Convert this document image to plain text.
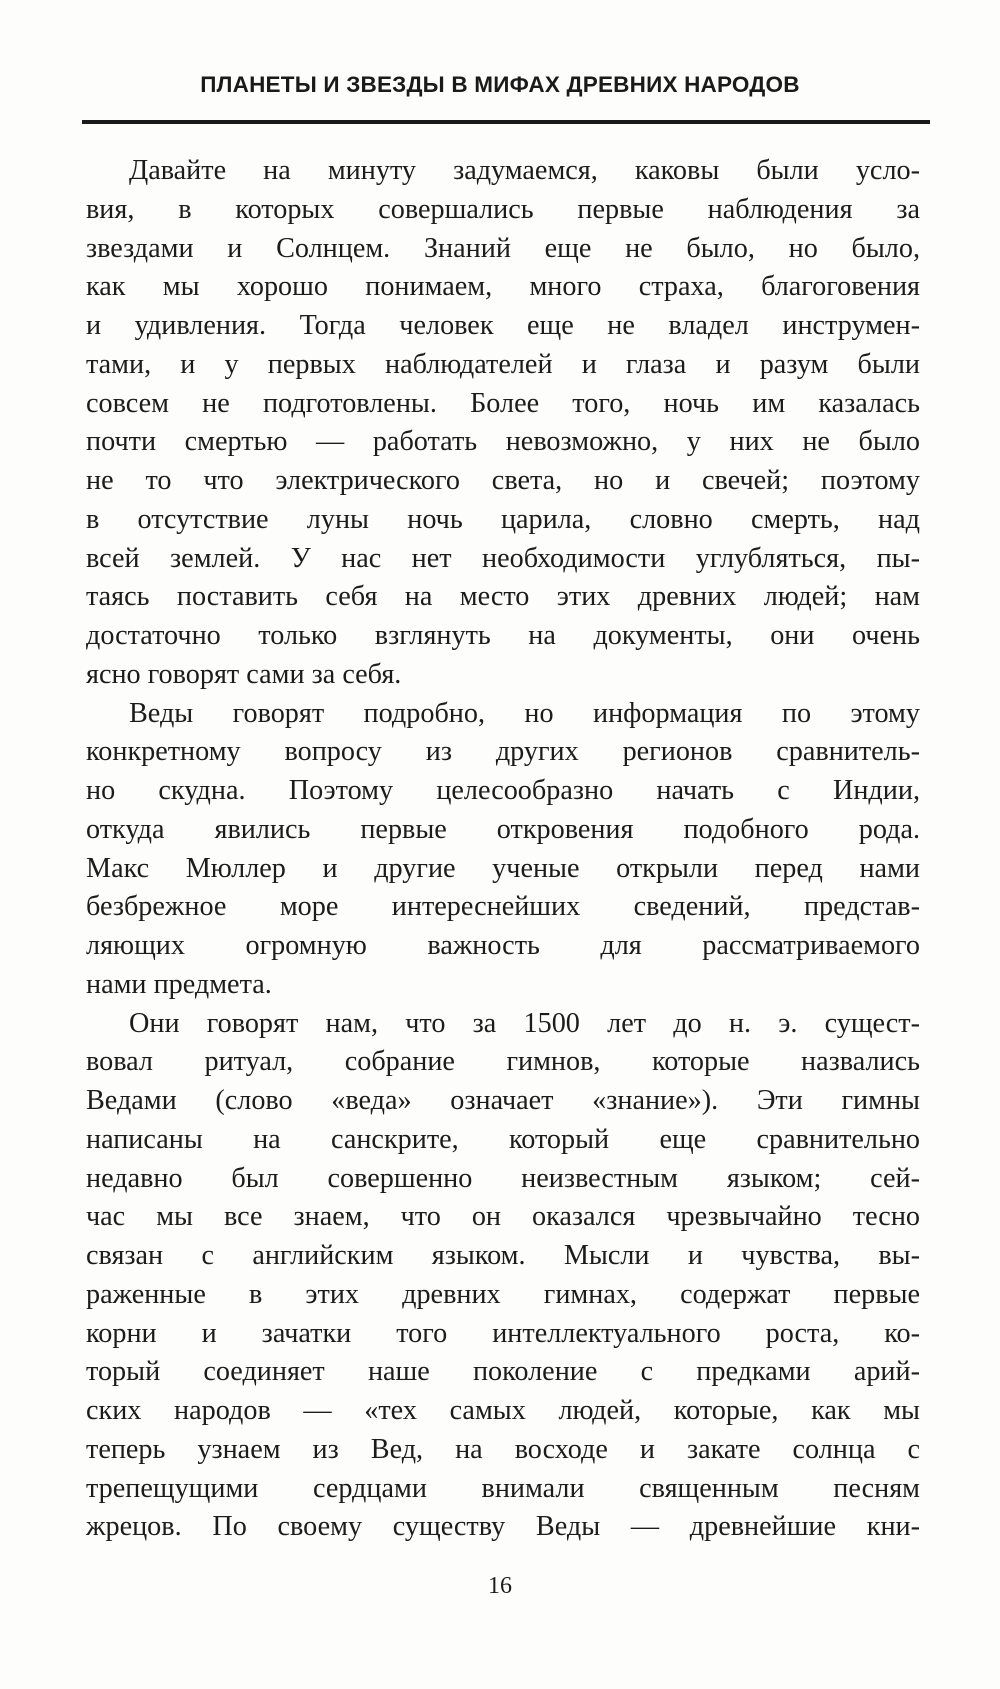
ПЛАНЕТЫ И ЗВЕЗДЫ В МИФАХ ДРЕВНИХ НАРОДОВ
Давайте на минуту задумаемся, каковы были усло-
вия, в которых совершались первые наблюдения за
звездами и Солнцем. Знаний еще не было, но было,
как мы хорошо понимаем, много страха, благоговения
и удивления. Тогда человек еще не владел инструмен-
тами, и у первых наблюдателей и глаза и разум были
совсем не подготовлены. Более того, ночь им казалась
почти смертью — работать невозможно, у них не было
не то что электрического света, но и свечей; поэтому
в отсутствие луны ночь царила, словно смерть, над
всей землей. У нас нет необходимости углубляться, пы-
таясь поставить себя на место этих древних людей; нам
достаточно только взглянуть на документы, они очень
ясно говорят сами за себя.
Веды говорят подробно, но информация по этому
конкретному вопросу из других регионов сравнитель-
но скудна. Поэтому целесообразно начать с Индии,
откуда явились первые откровения подобного рода.
Макс Мюллер и другие ученые открыли перед нами
безбрежное море интереснейших сведений, представ-
ляющих огромную важность для рассматриваемого
нами предмета.
Они говорят нам, что за 1500 лет до н. э. сущест-
вовал ритуал, собрание гимнов, которые назвались
Ведами (слово «веда» означает «знание»). Эти гимны
написаны на санскрите, который еще сравнительно
недавно был совершенно неизвестным языком; сей-
час мы все знаем, что он оказался чрезвычайно тесно
связан с английским языком. Мысли и чувства, вы-
раженные в этих древних гимнах, содержат первые
корни и зачатки того интеллектуального роста, ко-
торый соединяет наше поколение с предками арий-
ских народов — «тех самых людей, которые, как мы
теперь узнаем из Вед, на восходе и закате солнца с
трепещущими сердцами внимали священным песням
жрецов. По своему существу Веды — древнейшие кни-
16
